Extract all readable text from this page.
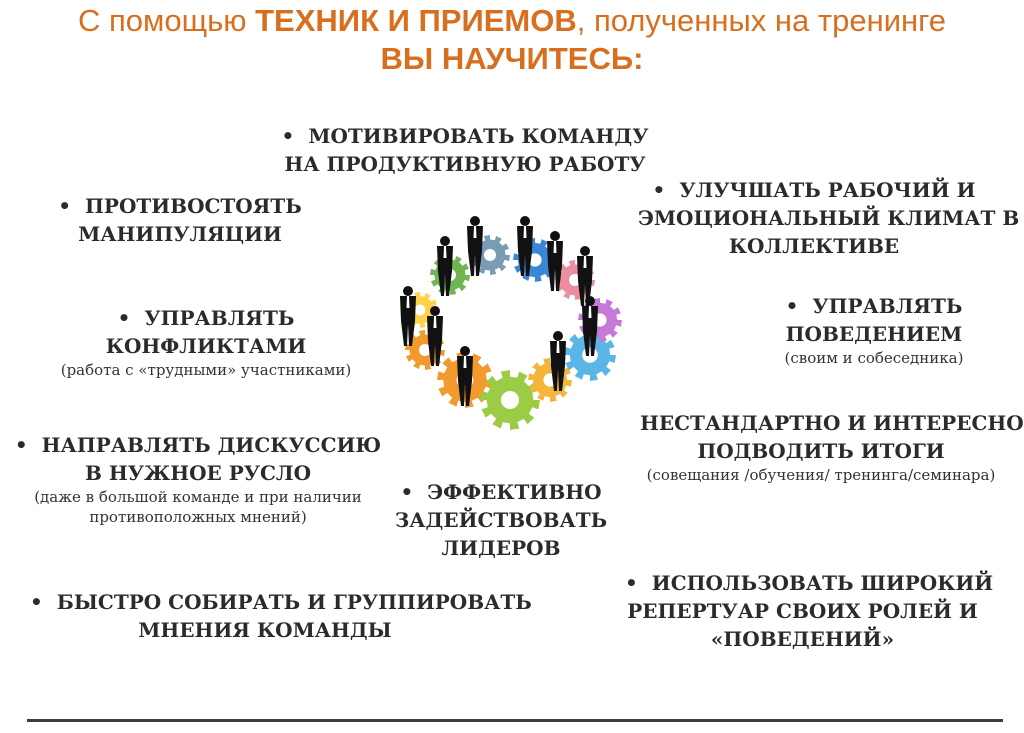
С помощью ТЕХНИК И ПРИЕМОВ, полученных на тренинге
ВЫ НАУЧИТЕСЬ:
• МОТИВИРОВАТЬ КОМАНДУ
НА ПРОДУКТИВНУЮ РАБОТУ
• ПРОТИВОСТОЯТЬ
МАНИПУЛЯЦИИ
• УЛУЧШАТЬ РАБОЧИЙ И
ЭМОЦИОНАЛЬНЫЙ КЛИМАТ В
КОЛЛЕКТИВЕ
• УПРАВЛЯТЬ
КОНФЛИКТАМИ
(работа с «трудными» участниками)
• УПРАВЛЯТЬ
ПОВЕДЕНИЕМ
(своим и собеседника)
• НАПРАВЛЯТЬ ДИСКУССИЮ
В НУЖНОЕ РУСЛО
(даже в большой команде и при наличии
противоположных мнений)
НЕСТАНДАРТНО И ИНТЕРЕСНО
ПОДВОДИТЬ ИТОГИ
(совещания /обучения/ тренинга/семинара)
• ЭФФЕКТИВНО
ЗАДЕЙСТВОВАТЬ
ЛИДЕРОВ
• БЫСТРО СОБИРАТЬ И ГРУППИРОВАТЬ
МНЕНИЯ КОМАНДЫ
• ИСПОЛЬЗОВАТЬ ШИРОКИЙ
РЕПЕРТУАР СВОИХ РОЛЕЙ И
«ПОВЕДЕНИЙ»
